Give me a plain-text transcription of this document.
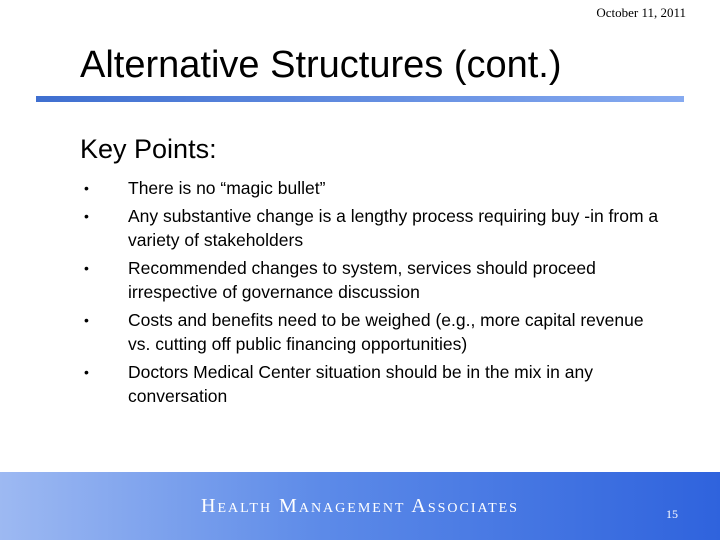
October 11, 2011
Alternative Structures (cont.)
Key Points:
• There is no “magic bullet”
• Any substantive change is a lengthy process requiring buy -in from a variety of stakeholders
• Recommended changes to system, services should proceed irrespective of governance discussion
• Costs and benefits need to be weighed (e.g., more capital revenue vs. cutting off public financing opportunities)
• Doctors Medical Center situation should be in the mix in any conversation
Health Management Associates	15
